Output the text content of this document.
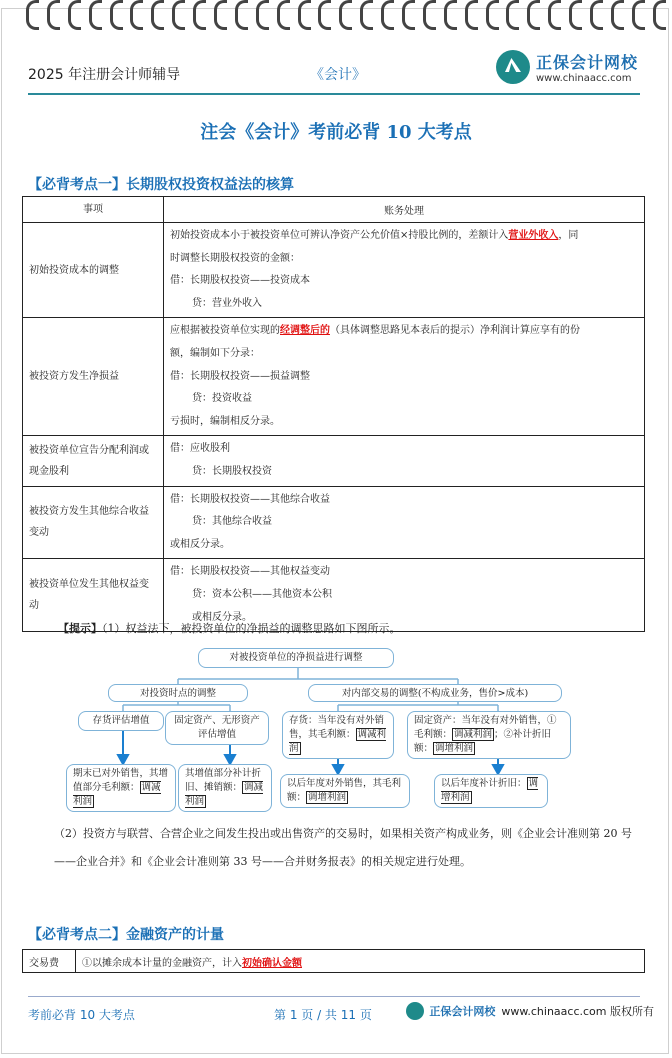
2025 年注册会计师辅导	《会计》
正保会计网校
www.chinaacc.com
注会《会计》考前必背 10 大考点
【必背考点一】长期股权投资权益法的核算
事项	账务处理
初始投资成本的调整	初始投资成本小于被投资单位可辨认净资产公允价值×持股比例的，差额计入营业外收入，同
时调整长期股权投资的金额：
借：长期股权投资——投资成本
贷：营业外收入

被投资方发生净损益	应根据被投资单位实现的经调整后的（具体调整思路见本表后的提示）净利润计算应享有的份
额，编制如下分录：
借：长期股权投资——损益调整
贷：投资收益
亏损时，编制相反分录。

被投资单位宣告分配利润或现金股利	借：应收股利
贷：长期股权投资

被投资方发生其他综合收益变动	借：长期股权投资——其他综合收益
贷：其他综合收益
或相反分录。

被投资单位发生其他权益变动	借：长期股权投资——其他权益变动
贷：资本公积——其他资本公积
或相反分录。
【提示】（1）权益法下，被投资单位的净损益的调整思路如下图所示。
对被投资单位的净损益进行调整
对投资时点的调整	对内部交易的调整(不构成业务，售价>成本)
存货评估增值	固定资产、无形资产评估增值
存货：当年没有对外销售，其毛利额： 调减利润
固定资产：当年没有对外销售，①毛利额： 调减利润 ；②补计折旧额： 调增利润
期末已对外销售，其增值部分毛利额： 调减利润
其增值部分补计折旧、摊销额： 调减利润
以后年度对外销售，其毛利额： 调增利润
以后年度补计折旧： 调增利润
（2）投资方与联营、合营企业之间发生投出或出售资产的交易时，如果相关资产构成业务，则《企业会计准则第 20 号——企业合并》和《企业会计准则第 33 号——合并财务报表》的相关规定进行处理。
【必背考点二】金融资产的计量
交易费	①以摊余成本计量的金融资产，计入初始确认金额
考前必背 10 大考点	第 1 页 / 共 11 页	正保会计网校 www.chinaacc.com 版权所有
